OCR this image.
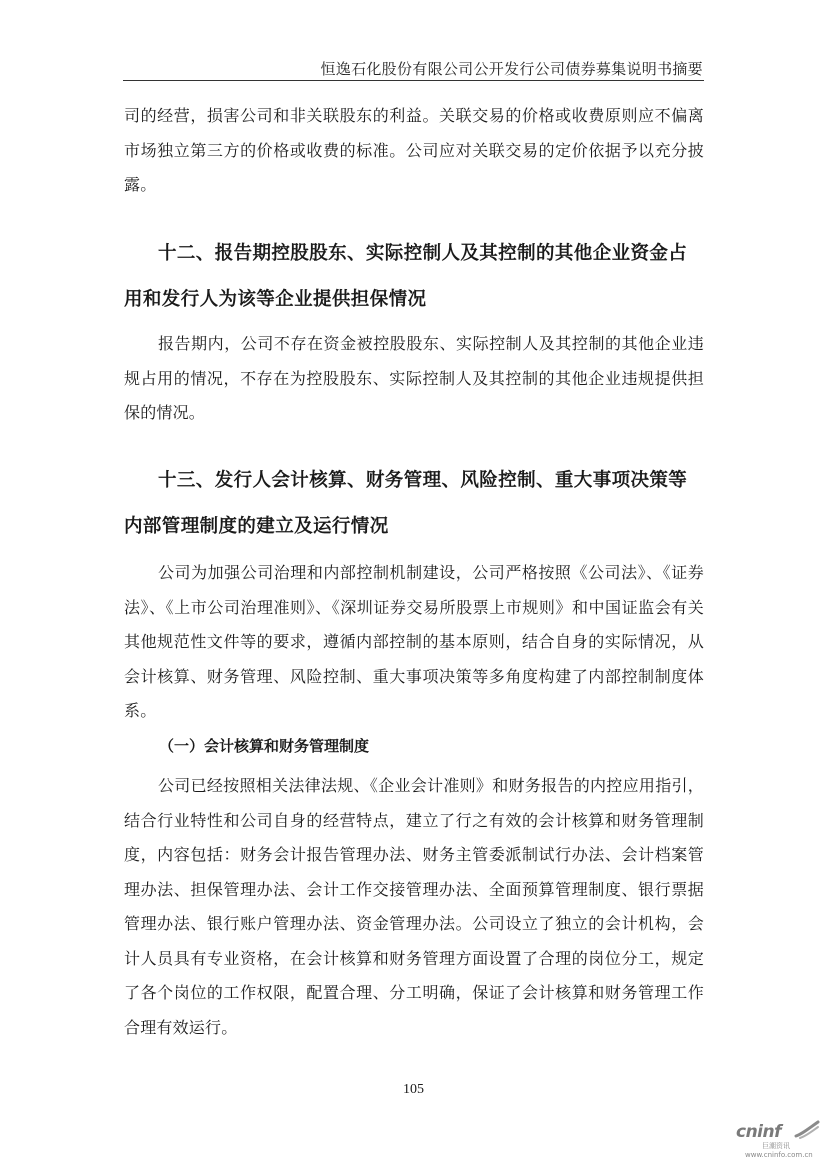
恒逸石化股份有限公司公开发行公司债券募集说明书摘要

司的经营，损害公司和非关联股东的利益。关联交易的价格或收费原则应不偏离市场独立第三方的价格或收费的标准。公司应对关联交易的定价依据予以充分披露。

十二、报告期控股股东、实际控制人及其控制的其他企业资金占用和发行人为该等企业提供担保情况

报告期内，公司不存在资金被控股股东、实际控制人及其控制的其他企业违规占用的情况，不存在为控股股东、实际控制人及其控制的其他企业违规提供担保的情况。

十三、发行人会计核算、财务管理、风险控制、重大事项决策等内部管理制度的建立及运行情况

公司为加强公司治理和内部控制机制建设，公司严格按照《公司法》、《证券法》、《上市公司治理准则》、《深圳证券交易所股票上市规则》和中国证监会有关其他规范性文件等的要求，遵循内部控制的基本原则，结合自身的实际情况，从会计核算、财务管理、风险控制、重大事项决策等多角度构建了内部控制制度体系。

（一）会计核算和财务管理制度

公司已经按照相关法律法规、《企业会计准则》和财务报告的内控应用指引，结合行业特性和公司自身的经营特点，建立了行之有效的会计核算和财务管理制度，内容包括：财务会计报告管理办法、财务主管委派制试行办法、会计档案管理办法、担保管理办法、会计工作交接管理办法、全面预算管理制度、银行票据管理办法、银行账户管理办法、资金管理办法。公司设立了独立的会计机构，会计人员具有专业资格，在会计核算和财务管理方面设置了合理的岗位分工，规定了各个岗位的工作权限，配置合理、分工明确，保证了会计核算和财务管理工作合理有效运行。

105
cninf
巨潮资讯
www.cninfo.com.cn
